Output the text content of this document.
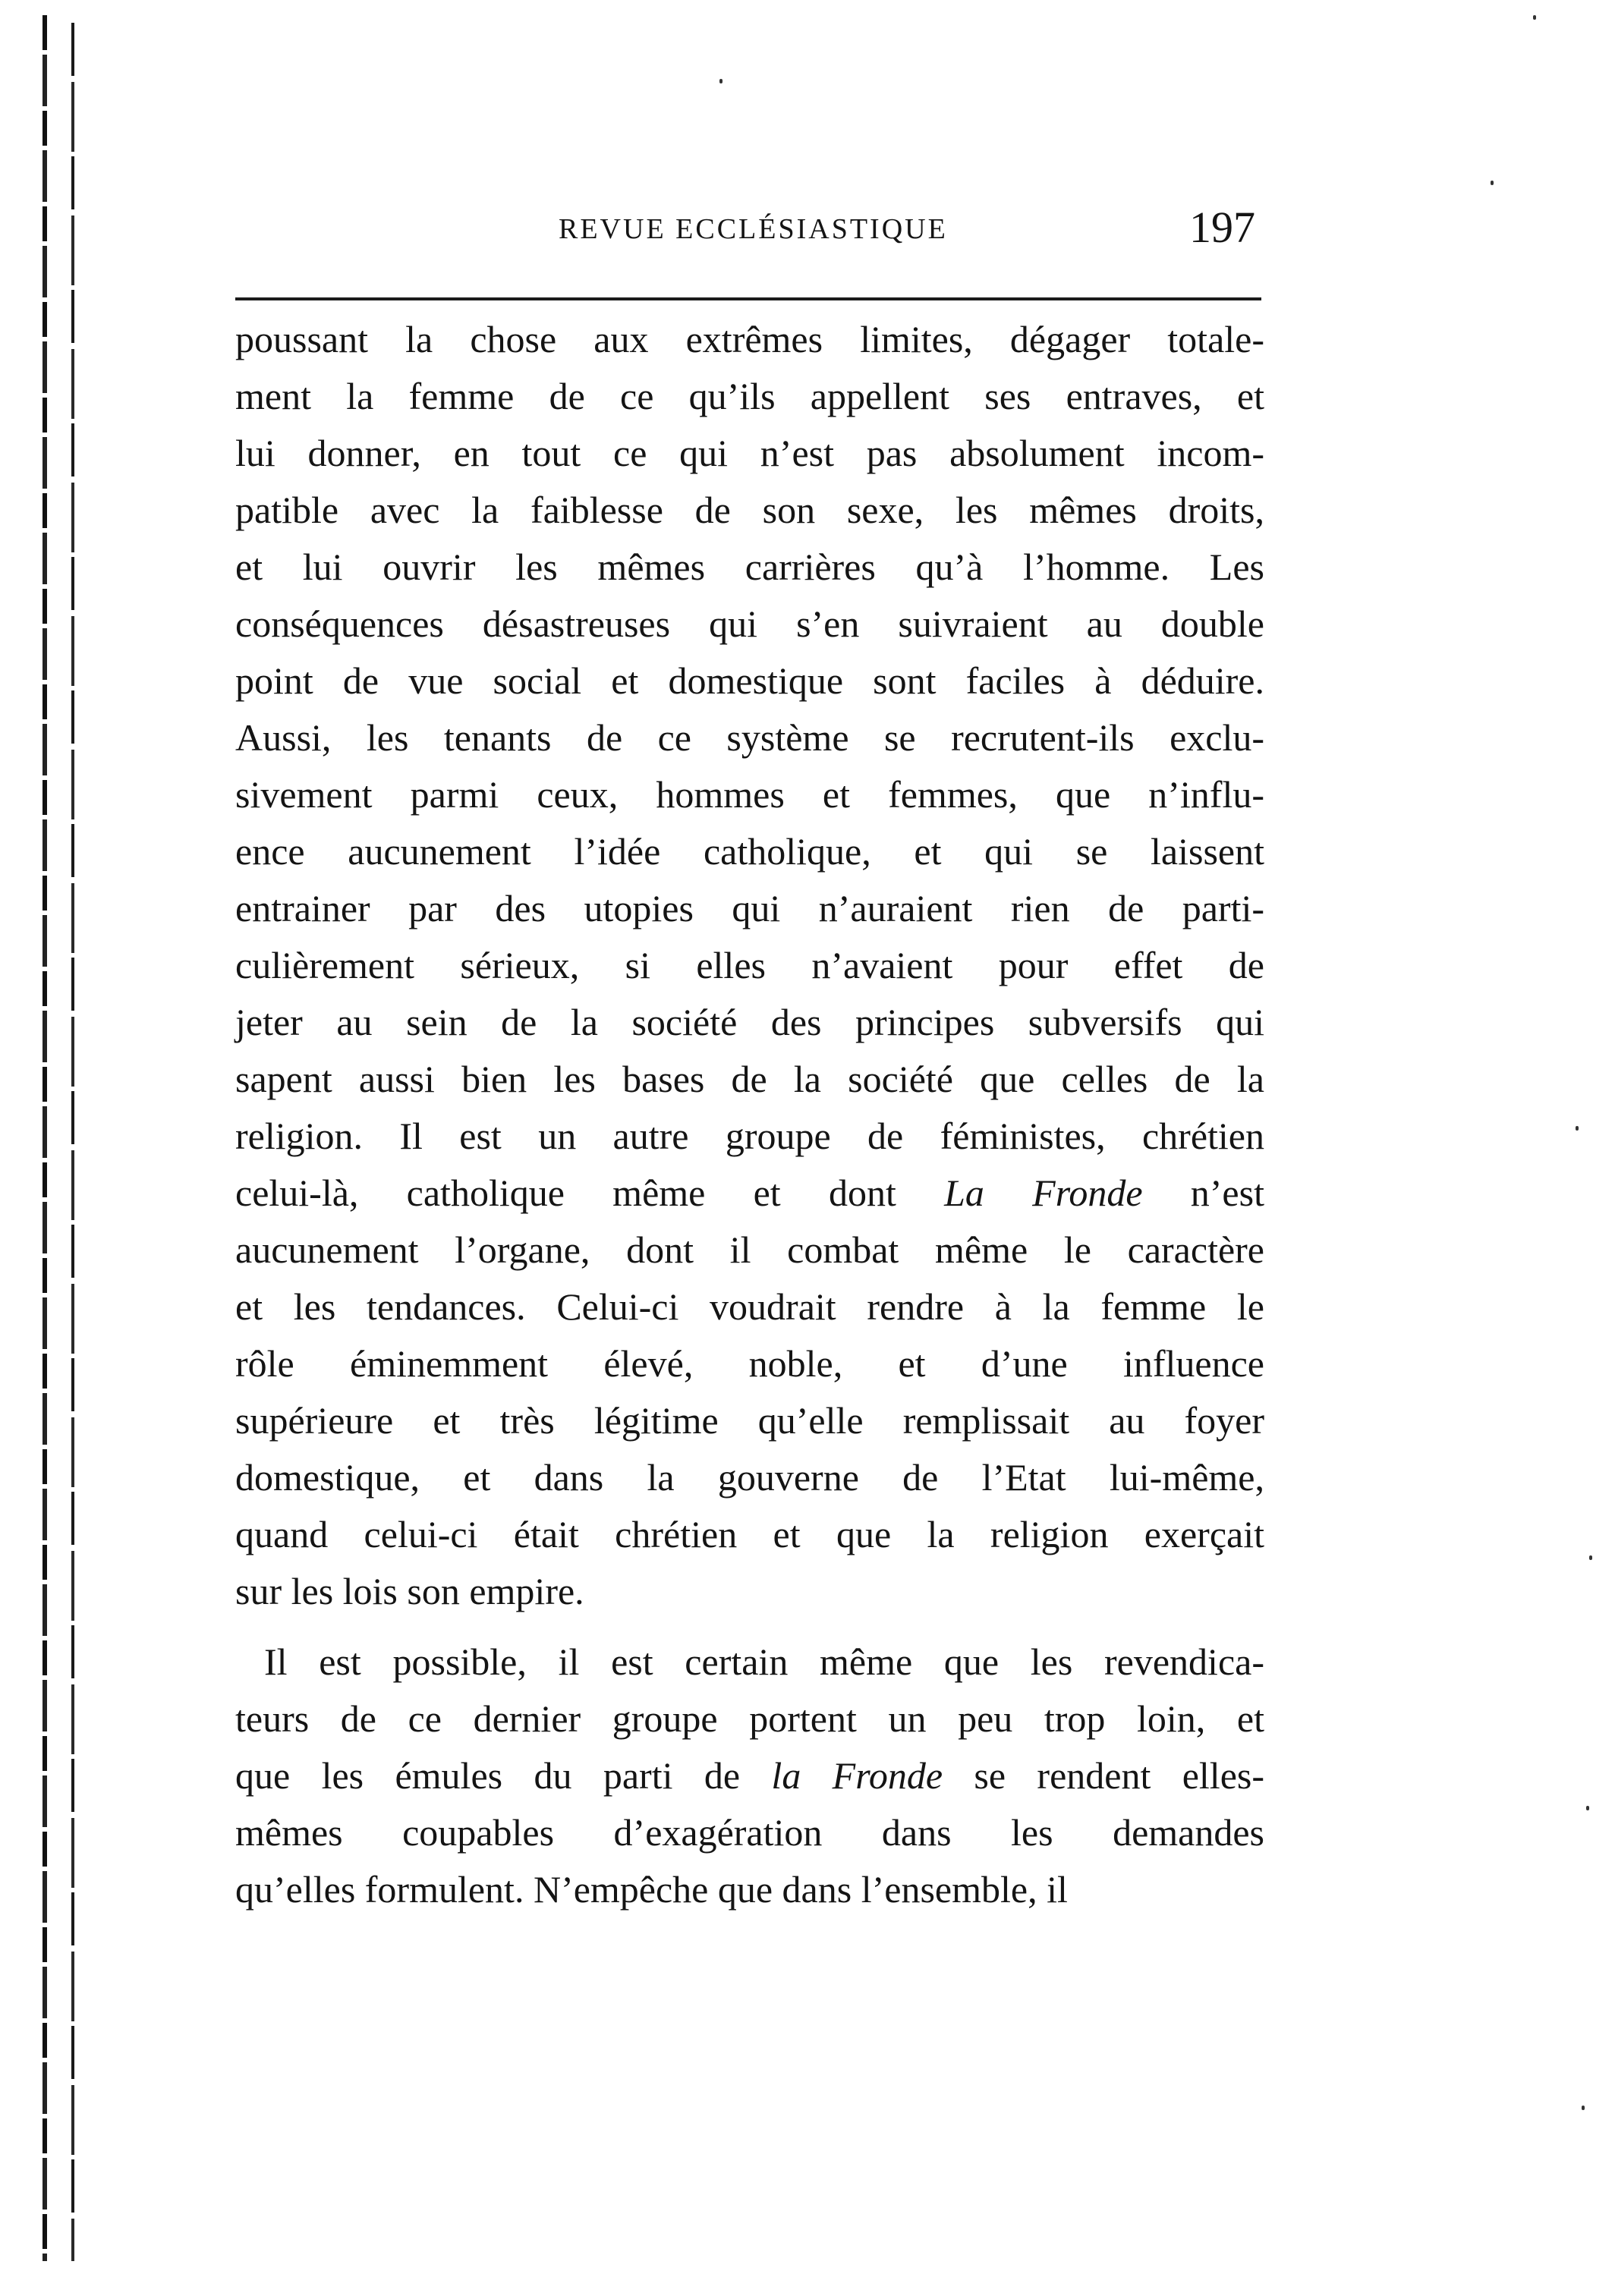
REVUE ECCLÉSIASTIQUE	197
poussant la chose aux extrêmes limites, dégager totale-
ment la femme de ce qu’ils appellent ses entraves, et
lui donner, en tout ce qui n’est pas absolument incom-
patible avec la faiblesse de son sexe, les mêmes droits,
et lui ouvrir les mêmes carrières qu’à l’homme. Les
conséquences désastreuses qui s’en suivraient au double
point de vue social et domestique sont faciles à déduire.
Aussi, les tenants de ce système se recrutent-ils exclu-
sivement parmi ceux, hommes et femmes, que n’influ-
ence aucunement l’idée catholique, et qui se laissent
entrainer par des utopies qui n’auraient rien de parti-
culièrement sérieux, si elles n’avaient pour effet de
jeter au sein de la société des principes subversifs qui
sapent aussi bien les bases de la société que celles de la
religion. Il est un autre groupe de féministes, chrétien
celui-là, catholique même et dont La Fronde n’est
aucunement l’organe, dont il combat même le caractère
et les tendances. Celui-ci voudrait rendre à la femme le
rôle éminemment élevé, noble, et d’une influence
supérieure et très légitime qu’elle remplissait au foyer
domestique, et dans la gouverne de l’Etat lui-même,
quand celui-ci était chrétien et que la religion exerçait
sur les lois son empire.
Il est possible, il est certain même que les revendica-
teurs de ce dernier groupe portent un peu trop loin, et
que les émules du parti de la Fronde se rendent elles-
mêmes coupables d’exagération dans les demandes
qu’elles formulent. N’empêche que dans l’ensemble, il
